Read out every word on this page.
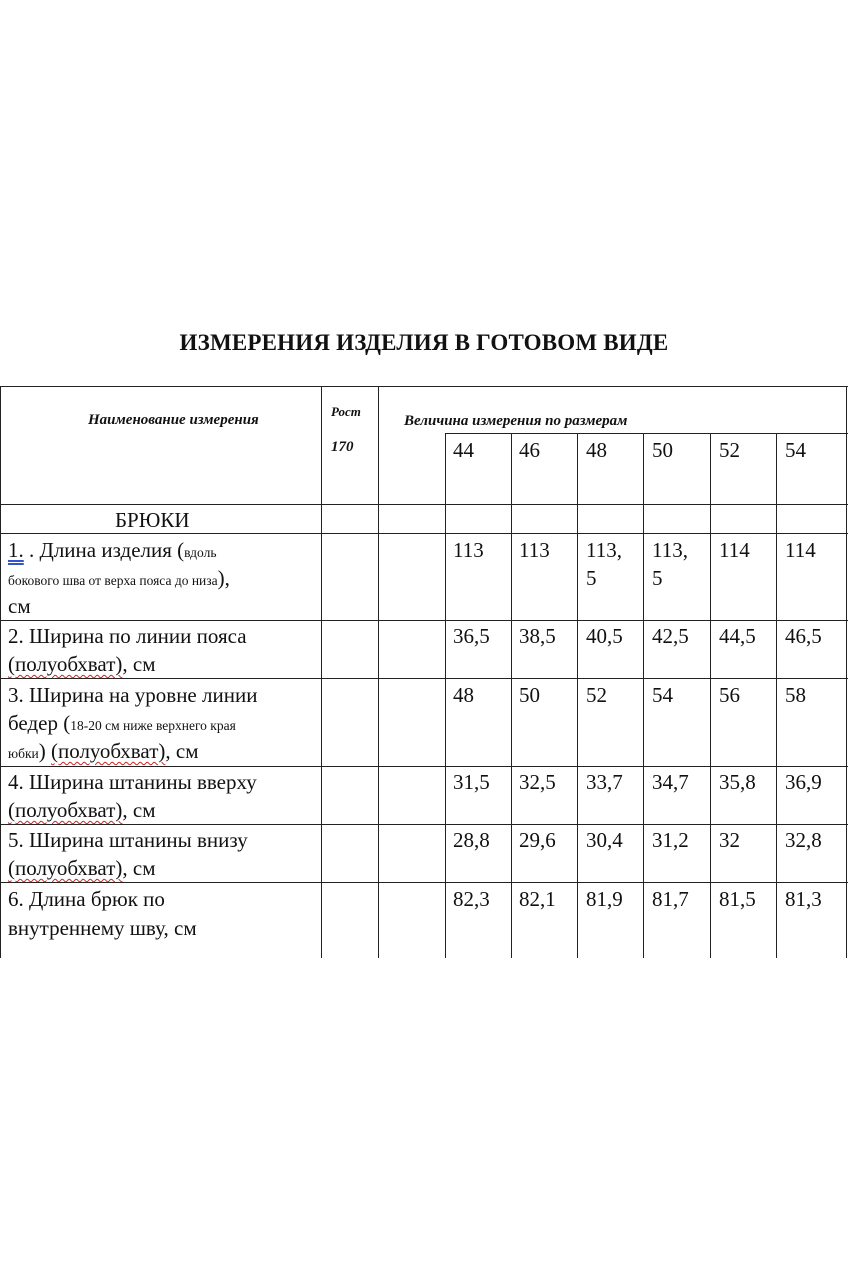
ИЗМЕРЕНИЯ ИЗДЕЛИЯ В ГОТОВОМ ВИДЕ
Наименование измерения
Рост
170
Величина измерения по размерам
44 46 48 50 52 54
БРЮКИ
1. . Длина изделия (вдоль
бокового шва от верха пояса до низа),
см
113 113 113, 113, 114 114
5	5
2. Ширина по линии пояса
(полуобхват), см
36,5 38,5 40,5 42,5 44,5 46,5
3. Ширина на уровне линии
бедер (18-20 см ниже верхнего края
юбки) (полуобхват), см
48 50 52 54 56 58
4. Ширина штанины вверху
(полуобхват), см
31,5 32,5 33,7 34,7 35,8 36,9
5. Ширина штанины внизу
(полуобхват), см
28,8 29,6 30,4 31,2 32 32,8
6. Длина брюк по
внутреннему шву, см
82,3 82,1 81,9 81,7 81,5 81,3
